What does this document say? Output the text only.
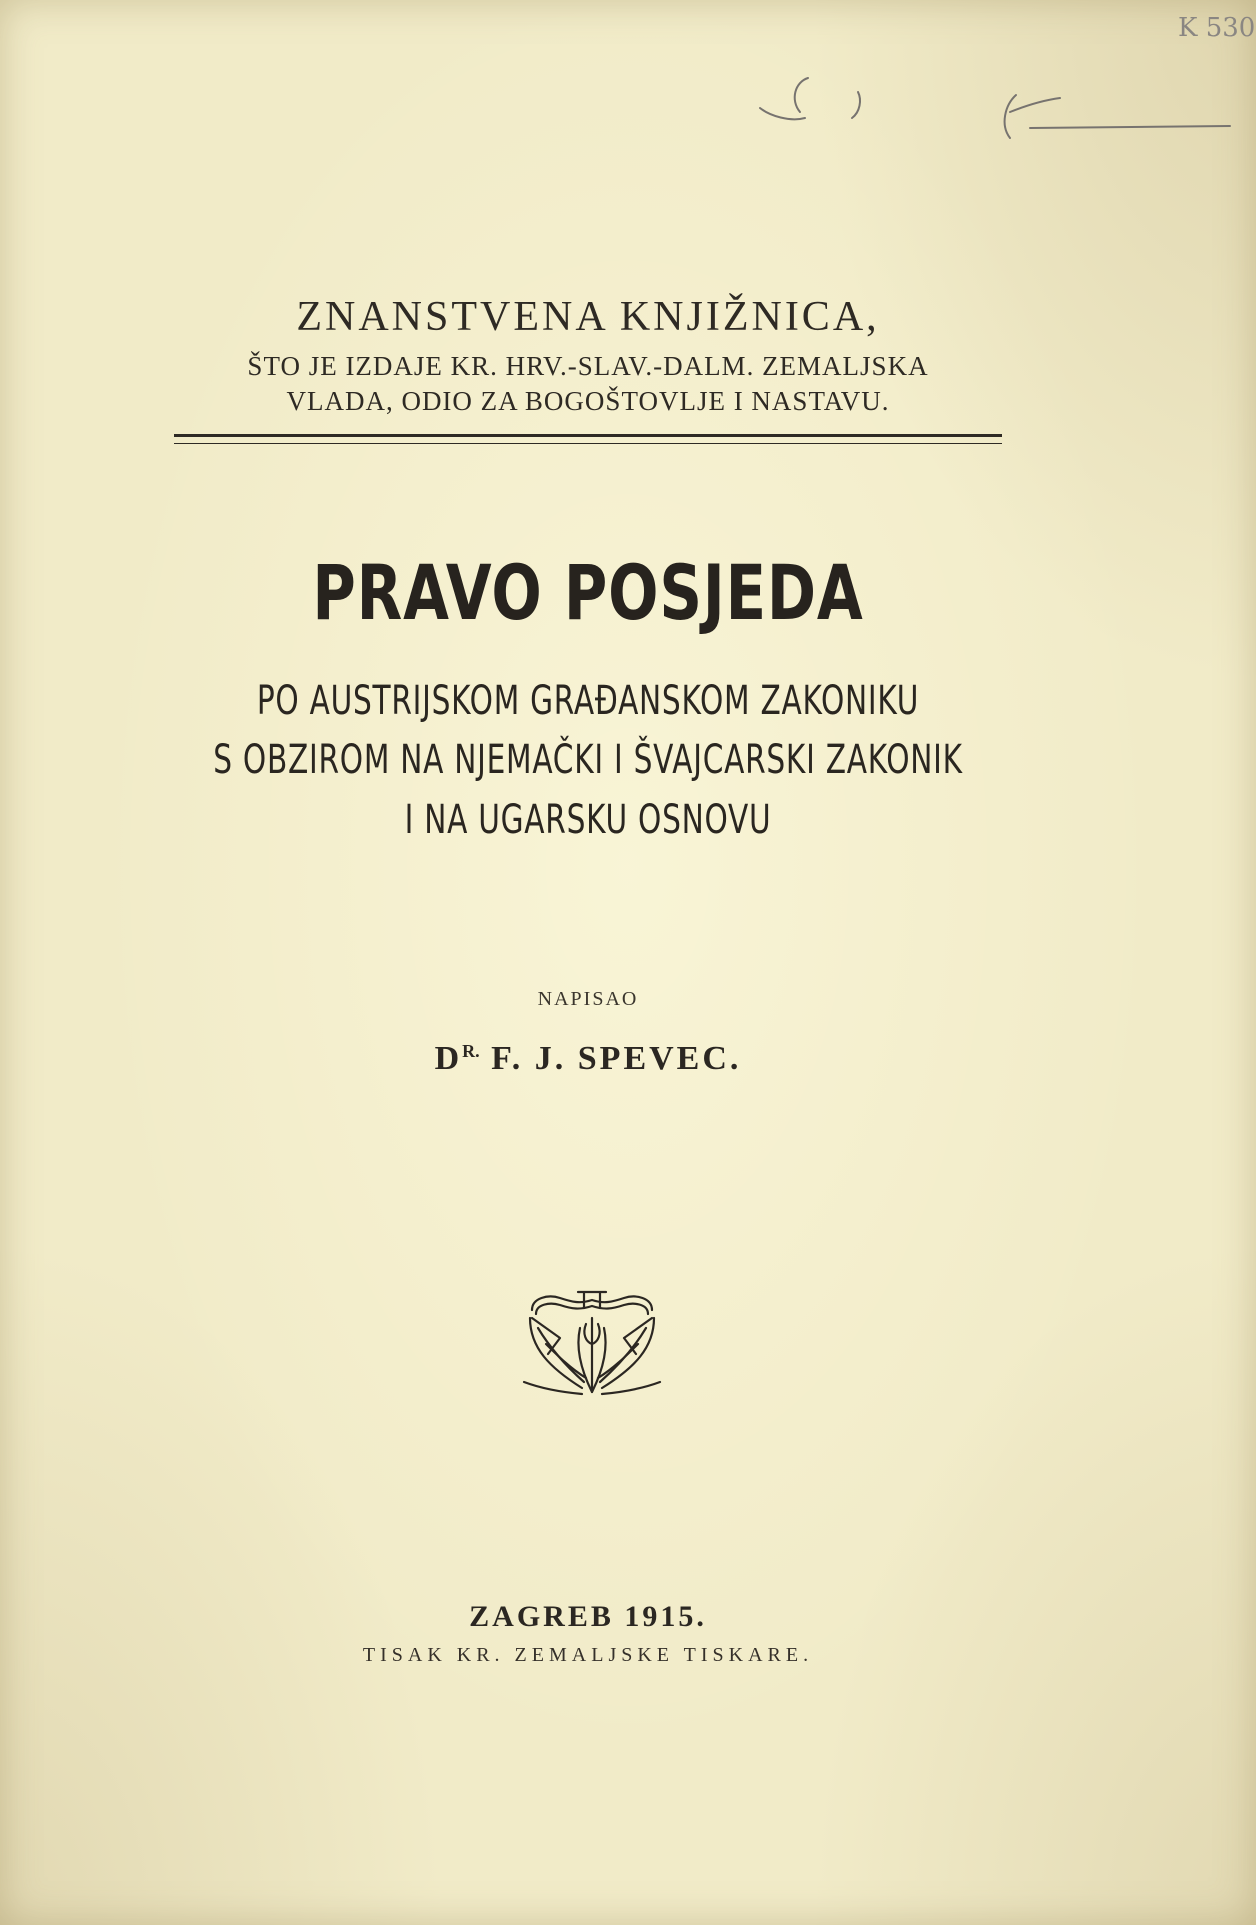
K 530
ZNANSTVENA KNJIŽNICA,
ŠTO JE IZDAJE KR. HRV.-SLAV.-DALM. ZEMALJSKA
VLADA, ODIO ZA BOGOŠTOVLJE I NASTAVU.
PRAVO POSJEDA
PO AUSTRIJSKOM GRAĐANSKOM ZAKONIKU
S OBZIROM NA NJEMAČKI I ŠVAJCARSKI ZAKONIK
I NA UGARSKU OSNOVU
NAPISAO
$D^{R.}$ F. J. SPEVEC.
ZAGREB 1915.
TISAK KR. ZEMALJSKE TISKARE.
